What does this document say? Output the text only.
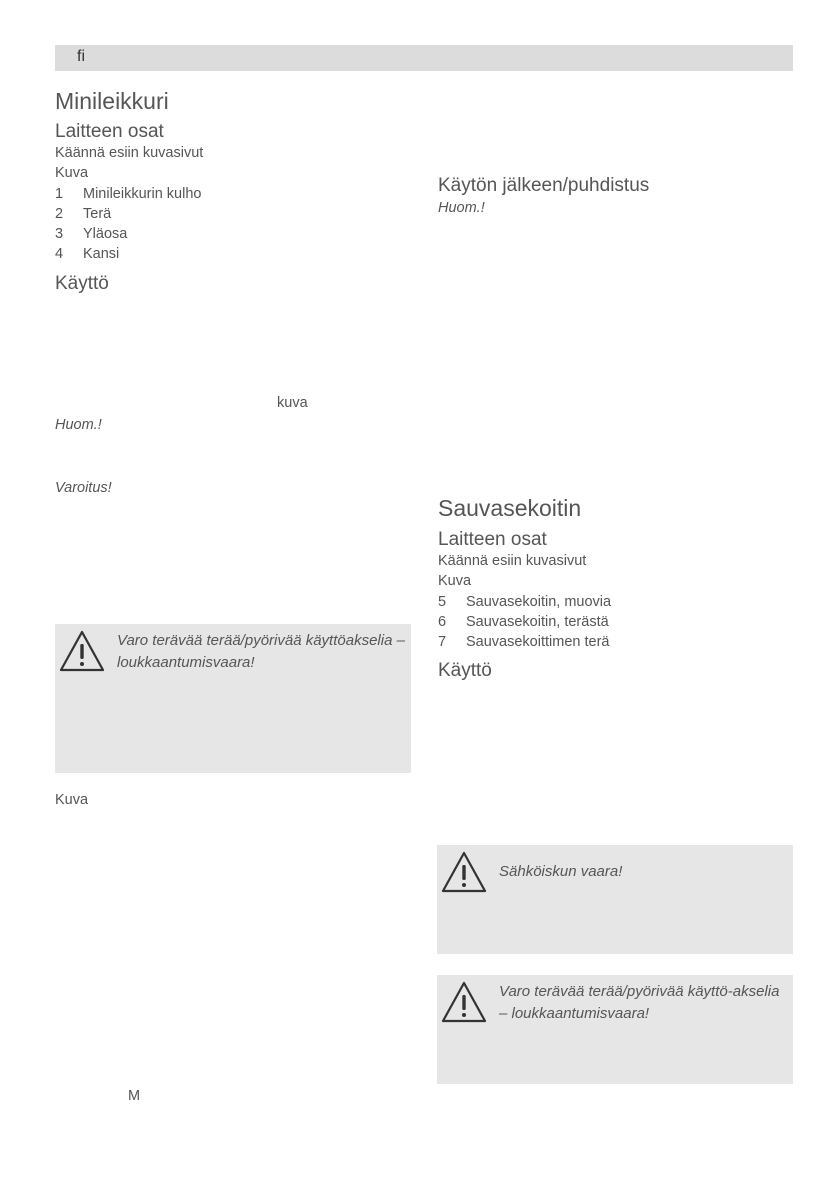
fi
Minileikkuri
Laitteen osat
Käännä esiin kuvasivut
Kuva
1	Minileikkurin kulho
2	Terä
3	Yläosa
4	Kansi
Käyttö
kuva
Huom.!
Varoitus!
Varo terävää terää/pyörivää käyttöakselia – loukkaantumisvaara!
Kuva
M
Käytön jälkeen/puhdistus
Huom.!
Sauvasekoitin
Laitteen osat
Käännä esiin kuvasivut
Kuva
5	Sauvasekoitin, muovia
6	Sauvasekoitin, terästä
7	Sauvasekoittimen terä
Käyttö
Sähköiskun vaara!
Varo terävää terää/pyörivää käyttö-akselia – loukkaantumisvaara!
